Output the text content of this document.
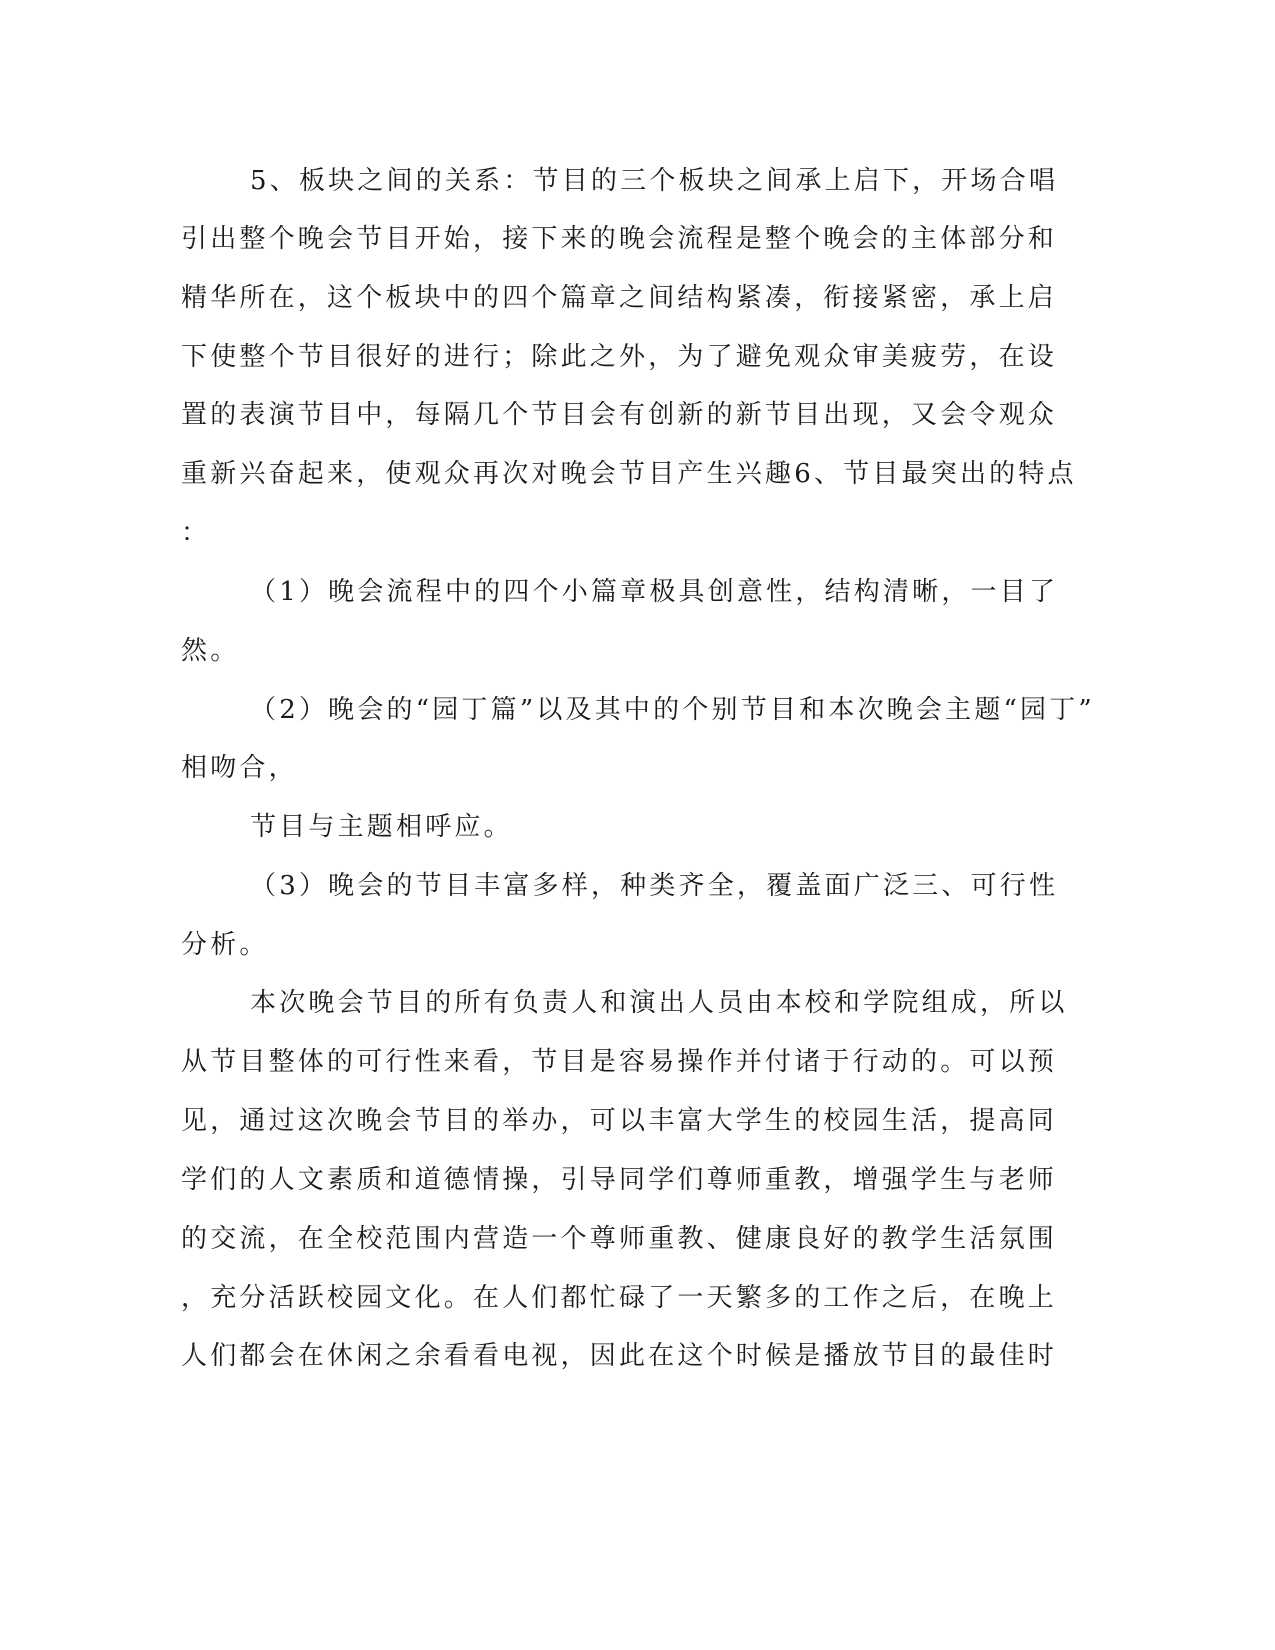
5、板块之间的关系：节目的三个板块之间承上启下，开场合唱
引出整个晚会节目开始，接下来的晚会流程是整个晚会的主体部分和
精华所在，这个板块中的四个篇章之间结构紧凑，衔接紧密，承上启
下使整个节目很好的进行；除此之外，为了避免观众审美疲劳，在设
置的表演节目中，每隔几个节目会有创新的新节目出现，又会令观众
重新兴奋起来，使观众再次对晚会节目产生兴趣6、节目最突出的特点
：
（1）晚会流程中的四个小篇章极具创意性，结构清晰，一目了
然。
（2）晚会的“园丁篇”以及其中的个别节目和本次晚会主题“园丁”
相吻合，
节目与主题相呼应。
（3）晚会的节目丰富多样，种类齐全，覆盖面广泛三、可行性
分析。
本次晚会节目的所有负责人和演出人员由本校和学院组成，所以
从节目整体的可行性来看，节目是容易操作并付诸于行动的。可以预
见，通过这次晚会节目的举办，可以丰富大学生的校园生活，提高同
学们的人文素质和道德情操，引导同学们尊师重教，增强学生与老师
的交流，在全校范围内营造一个尊师重教、健康良好的教学生活氛围
，充分活跃校园文化。在人们都忙碌了一天繁多的工作之后，在晚上
人们都会在休闲之余看看电视，因此在这个时候是播放节目的最佳时
